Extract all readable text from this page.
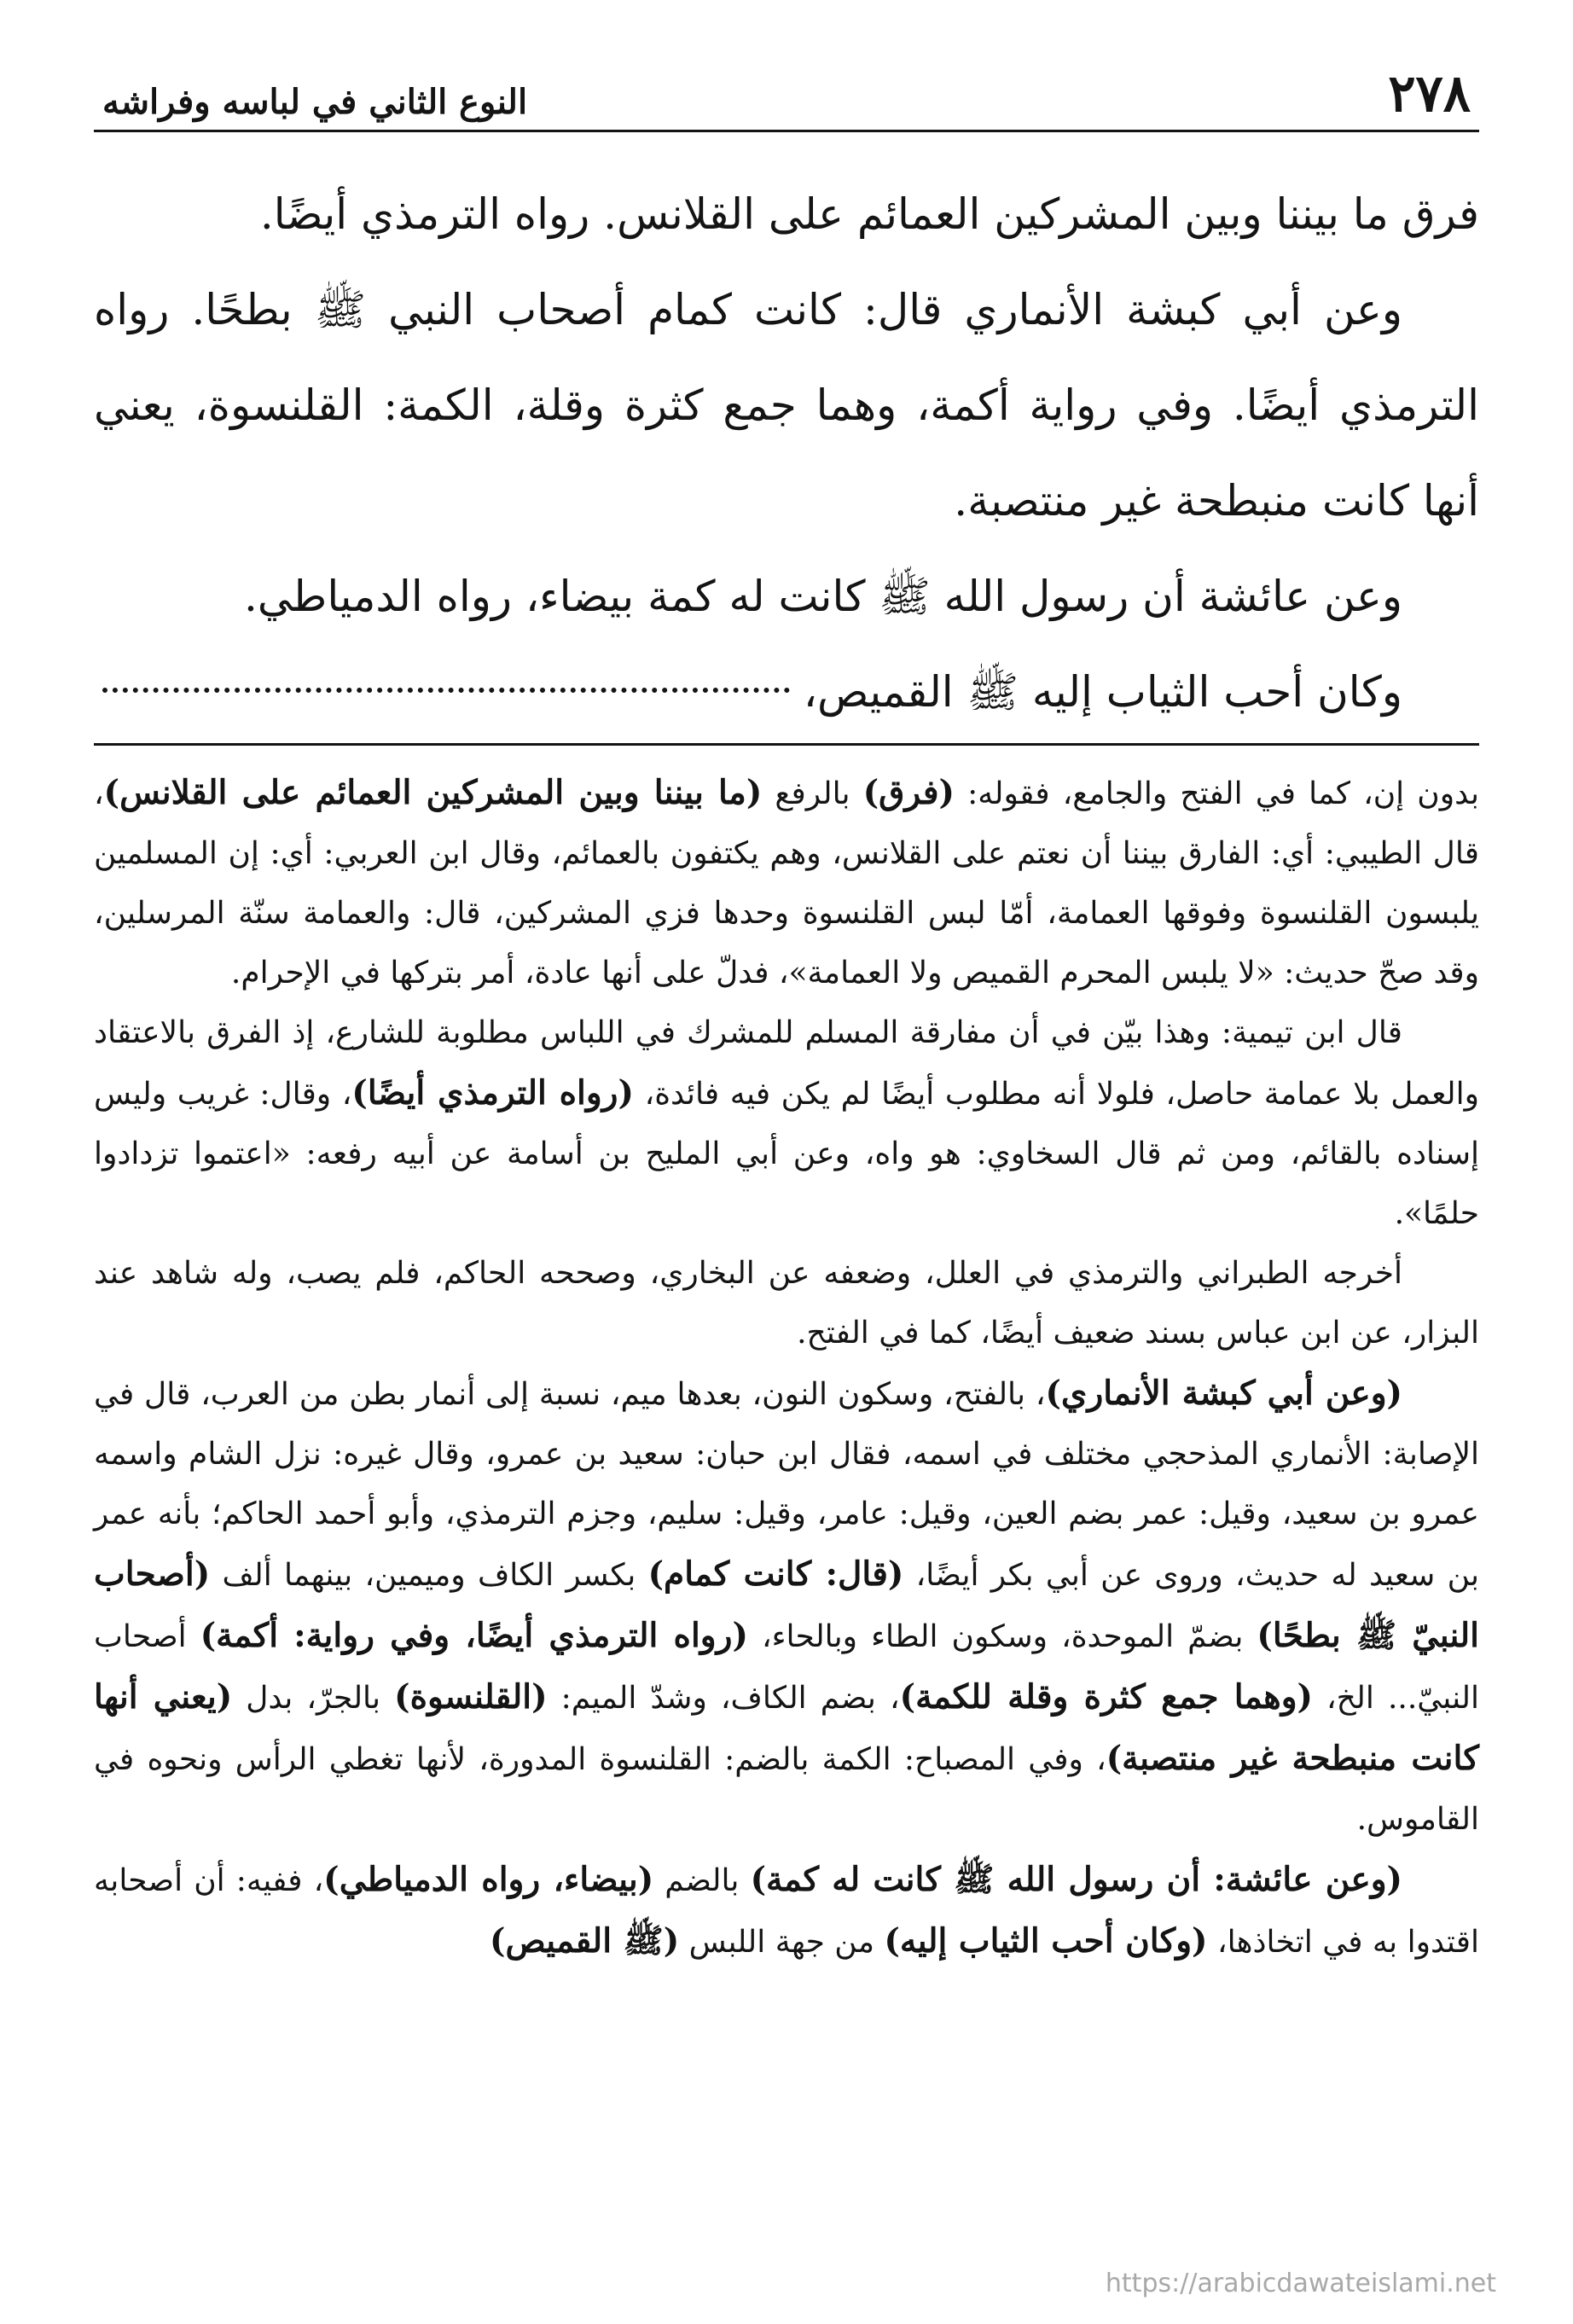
٢٧٨
النوع الثاني في لباسه وفراشه

فرق ما بيننا وبين المشركين العمائم على القلانس. رواه الترمذي أيضًا.

وعن أبي كبشة الأنماري قال: كانت كمام أصحاب النبي ﷺ بطحًا. رواه الترمذي أيضًا. وفي رواية أكمة، وهما جمع كثرة وقلة، الكمة: القلنسوة، يعني أنها كانت منبطحة غير منتصبة.

وعن عائشة أن رسول الله ﷺ كانت له كمة بيضاء، رواه الدمياطي.

وكان أحب الثياب إليه ﷺ القميص،

بدون إن، كما في الفتح والجامع، فقوله: (فرق) بالرفع (ما بيننا وبين المشركين العمائم على القلانس)، قال الطيبي: أي: الفارق بيننا أن نعتم على القلانس، وهم يكتفون بالعمائم، وقال ابن العربي: أي: إن المسلمين يلبسون القلنسوة وفوقها العمامة، أمّا لبس القلنسوة وحدها فزي المشركين، قال: والعمامة سنّة المرسلين، وقد صحّ حديث: «لا يلبس المحرم القميص ولا العمامة»، فدلّ على أنها عادة، أمر بتركها في الإحرام.

قال ابن تيمية: وهذا بيّن في أن مفارقة المسلم للمشرك في اللباس مطلوبة للشارع، إذ الفرق بالاعتقاد والعمل بلا عمامة حاصل، فلولا أنه مطلوب أيضًا لم يكن فيه فائدة، (رواه الترمذي أيضًا)، وقال: غريب وليس إسناده بالقائم، ومن ثم قال السخاوي: هو واه، وعن أبي المليح بن أسامة عن أبيه رفعه: «اعتموا تزدادوا حلمًا».

أخرجه الطبراني والترمذي في العلل، وضعفه عن البخاري، وصححه الحاكم، فلم يصب، وله شاهد عند البزار، عن ابن عباس بسند ضعيف أيضًا، كما في الفتح.

(وعن أبي كبشة الأنماري)، بالفتح، وسكون النون، بعدها ميم، نسبة إلى أنمار بطن من العرب، قال في الإصابة: الأنماري المذحجي مختلف في اسمه، فقال ابن حبان: سعيد بن عمرو، وقال غيره: نزل الشام واسمه عمرو بن سعيد، وقيل: عمر بضم العين، وقيل: عامر، وقيل: سليم، وجزم الترمذي، وأبو أحمد الحاكم؛ بأنه عمر بن سعيد له حديث، وروى عن أبي بكر أيضًا، (قال: كانت كمام) بكسر الكاف وميمين، بينهما ألف (أصحاب النبيّ ﷺ بطحًا) بضمّ الموحدة، وسكون الطاء وبالحاء، (رواه الترمذي أيضًا، وفي رواية: أكمة) أصحاب النبيّ... الخ، (وهما جمع كثرة وقلة للكمة)، بضم الكاف، وشدّ الميم: (القلنسوة) بالجرّ، بدل (يعني أنها كانت منبطحة غير منتصبة)، وفي المصباح: الكمة بالضم: القلنسوة المدورة، لأنها تغطي الرأس ونحوه في القاموس.

(وعن عائشة: أن رسول الله ﷺ كانت له كمة) بالضم (بيضاء، رواه الدمياطي)، ففيه: أن أصحابه اقتدوا به في اتخاذها، (وكان أحب الثياب إليه) من جهة اللبس (ﷺ القميص)

https://arabicdawateislami.net
